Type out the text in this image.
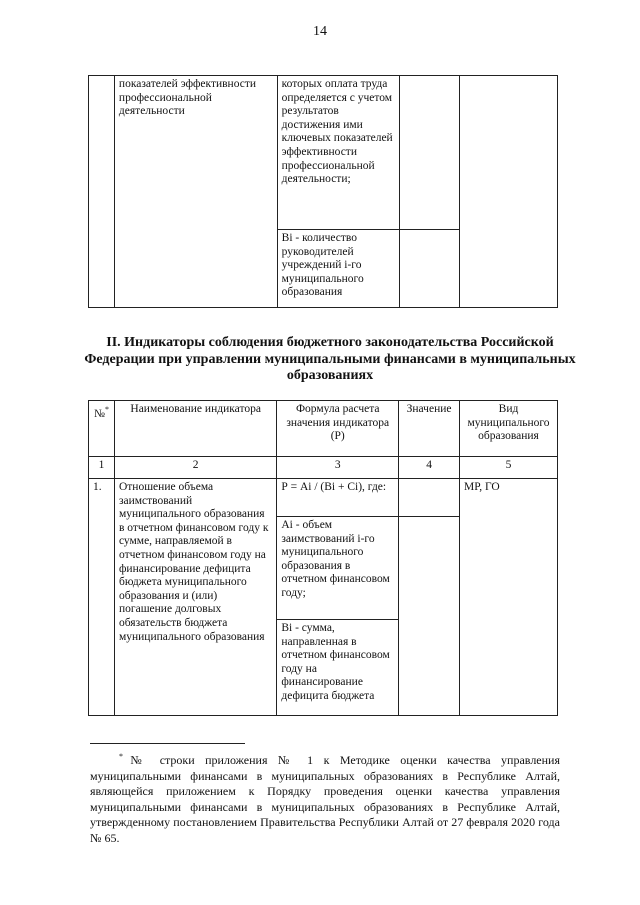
14
	показателей эффективности профессиональной деятельности	которых оплата труда определяется с учетом результатов достижения ими ключевых показателей эффективности профессиональной деятельности;		
		Bi - количество руководителей учреждений i-го муниципального образования		
II. Индикаторы соблюдения бюджетного законодательства Российской Федерации при управлении муниципальными финансами в муниципальных образованиях
№*	Наименование индикатора	Формула расчета значения индикатора (Р)	Значение	Вид муниципального образования
1	2	3	4	5
1.	Отношение объема заимствований муниципального образования в отчетном финансовом году к сумме, направляемой в отчетном финансовом году на финансирование дефицита бюджета муниципального образования и (или) погашение долговых обязательств бюджета муниципального образования	Р = Ai / (Bi + Ci), где:		МР, ГО
		Ai - объем заимствований i-го муниципального образования в отчетном финансовом году;		
		Bi - сумма, направленная в отчетном финансовом году на финансирование дефицита бюджета		
*№ строки приложения № 1 к Методике оценки качества управления муниципальными финансами в муниципальных образованиях в Республике Алтай, являющейся приложением к Порядку проведения оценки качества управления муниципальными финансами в муниципальных образованиях в Республике Алтай, утвержденному постановлением Правительства Республики Алтай от 27 февраля 2020 года № 65.
